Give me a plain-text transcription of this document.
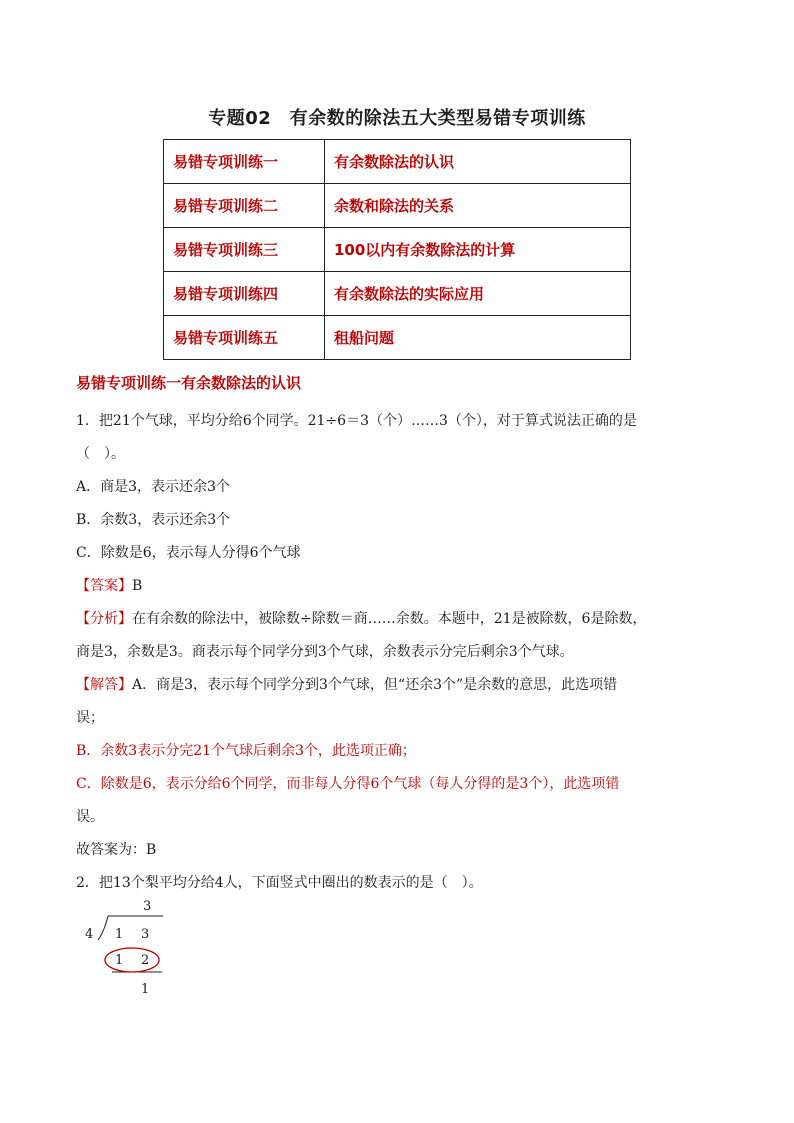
专题02　有余数的除法五大类型易错专项训练
易错专项训练一	有余数除法的认识
易错专项训练二	余数和除法的关系
易错专项训练三	100以内有余数除法的计算
易错专项训练四	有余数除法的实际应用
易错专项训练五	租船问题
易错专项训练一有余数除法的认识
1．把21个气球，平均分给6个同学。21÷6＝3（个）……3（个），对于算式说法正确的是
（　）。
A．商是3，表示还余3个
B．余数3，表示还余3个
C．除数是6，表示每人分得6个气球
【答案】B
【分析】在有余数的除法中，被除数÷除数＝商……余数。本题中，21是被除数，6是除数，
商是3，余数是3。商表示每个同学分到3个气球，余数表示分完后剩余3个气球。
【解答】A．商是3，表示每个同学分到3个气球，但“还余3个”是余数的意思，此选项错
误；
B．余数3表示分完21个气球后剩余3个，此选项正确；
C．除数是6，表示分给6个同学，而非每人分得6个气球（每人分得的是3个），此选项错
误。
故答案为：B
2．把13个梨平均分给4人，下面竖式中圈出的数表示的是（　）。
3
4 1 3
1 2
1
